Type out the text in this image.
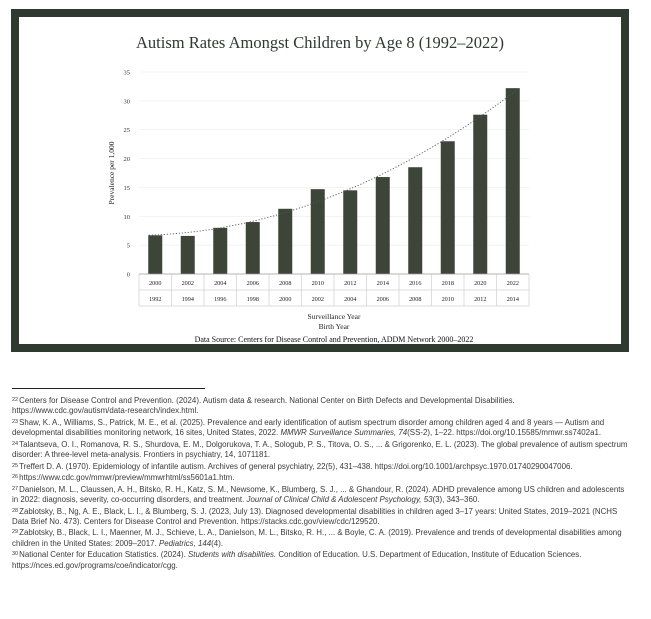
Autism Rates Amongst Children by Age 8 (1992–2022)
0
5
10
15
20
25
30
35
2000	2002	2004	2006	2008	2010	2012	2014	2016	2018	2020	2022
1992	1994	1996	1998	2000	2002	2004	2006	2008	2010	2012	2014
Prevalence per 1,000
Surveillance Year
Birth Year
Data Source: Centers for Disease Control and Prevention, ADDM Network 2000–2022
$^{22}$Centers for Disease Control and Prevention. (2024). Autism data & research. National Center on Birth Defects and Developmental Disabilities. https://www.cdc.gov/autism/data-research/index.html.
$^{23}$Shaw, K. A., Williams, S., Patrick, M. E., et al. (2025). Prevalence and early identification of autism spectrum disorder among children aged 4 and 8 years — Autism and developmental disabilities monitoring network, 16 sites, United States, 2022. MMWR Surveillance Summaries, 74(SS-2), 1–22. https://doi.org/10.15585/mmwr.ss7402a1.
$^{24}$Talantseva, O. I., Romanova, R. S., Shurdova, E. M., Dolgorukova, T. A., Sologub, P. S., Titova, O. S., ... & Grigorenko, E. L. (2023). The global prevalence of autism spectrum disorder: A three-level meta-analysis. Frontiers in psychiatry, 14, 1071181.
$^{25}$Treffert D. A. (1970). Epidemiology of infantile autism. Archives of general psychiatry, 22(5), 431–438. https://doi.org/10.1001/archpsyc.1970.01740290047006.
$^{26}$https://www.cdc.gov/mmwr/preview/mmwrhtml/ss5601a1.htm.
$^{27}$Danielson, M. L., Claussen, A. H., Bitsko, R. H., Katz, S. M., Newsome, K., Blumberg, S. J., ... & Ghandour, R. (2024). ADHD prevalence among US children and adolescents in 2022: diagnosis, severity, co-occurring disorders, and treatment. Journal of Clinical Child & Adolescent Psychology, 53(3), 343–360.
$^{28}$Zablotsky, B., Ng, A. E., Black, L. I., & Blumberg, S. J. (2023, July 13). Diagnosed developmental disabilities in children aged 3–17 years: United States, 2019–2021 (NCHS Data Brief No. 473). Centers for Disease Control and Prevention. https://stacks.cdc.gov/view/cdc/129520.
$^{29}$Zablotsky, B., Black, L. I., Maenner, M. J., Schieve, L. A., Danielson, M. L., Bitsko, R. H., ... & Boyle, C. A. (2019). Prevalence and trends of developmental disabilities among children in the United States: 2009–2017. Pediatrics, 144(4).
$^{30}$National Center for Education Statistics. (2024). Students with disabilities. Condition of Education. U.S. Department of Education, Institute of Education Sciences. https://nces.ed.gov/programs/coe/indicator/cgg.
